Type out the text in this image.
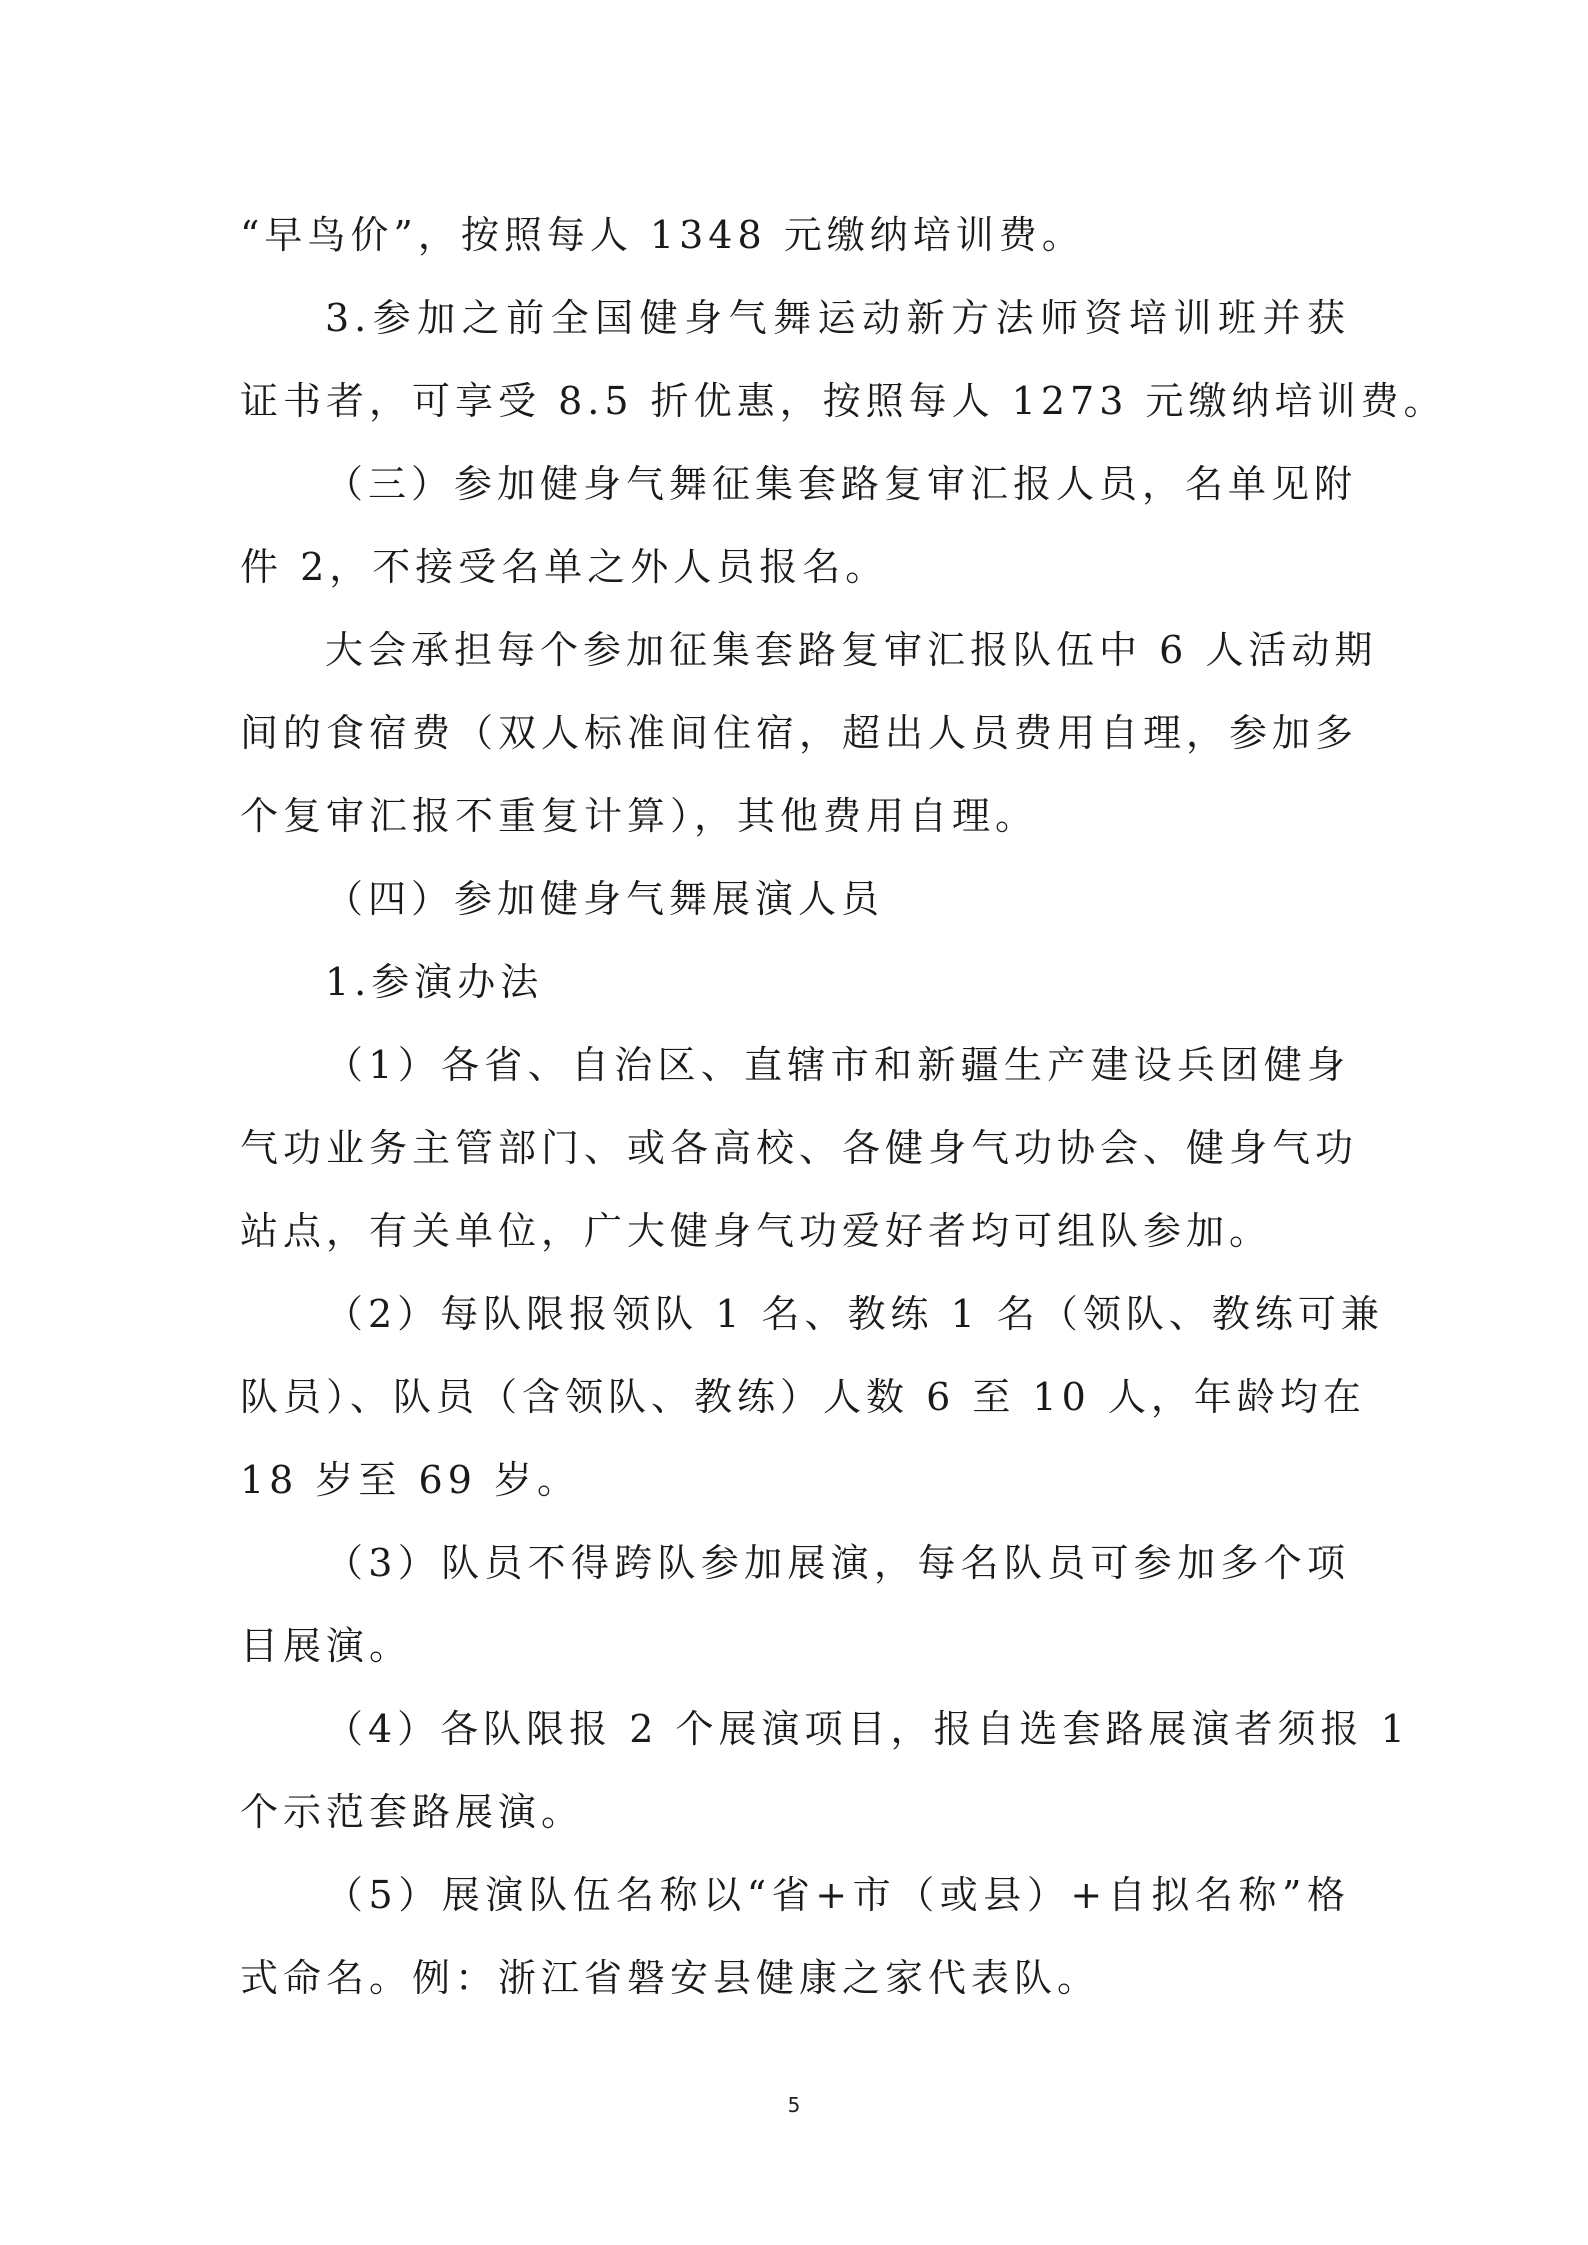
“早鸟价”，按照每人 1348 元缴纳培训费。
3.参加之前全国健身气舞运动新方法师资培训班并获
证书者，可享受 8.5 折优惠，按照每人 1273 元缴纳培训费。
（三）参加健身气舞征集套路复审汇报人员，名单见附
件 2，不接受名单之外人员报名。
大会承担每个参加征集套路复审汇报队伍中 6 人活动期
间的食宿费（双人标准间住宿，超出人员费用自理，参加多
个复审汇报不重复计算），其他费用自理。
（四）参加健身气舞展演人员
1.参演办法
（1）各省、自治区、直辖市和新疆生产建设兵团健身
气功业务主管部门、或各高校、各健身气功协会、健身气功
站点，有关单位，广大健身气功爱好者均可组队参加。
（2）每队限报领队 1 名、教练 1 名（领队、教练可兼
队员）、队员（含领队、教练）人数 6 至 10 人，年龄均在
18 岁至 69 岁。
（3）队员不得跨队参加展演，每名队员可参加多个项
目展演。
（4）各队限报 2 个展演项目，报自选套路展演者须报 1
个示范套路展演。
（5）展演队伍名称以“省+市（或县）+自拟名称”格
式命名。例：浙江省磐安县健康之家代表队。
5
